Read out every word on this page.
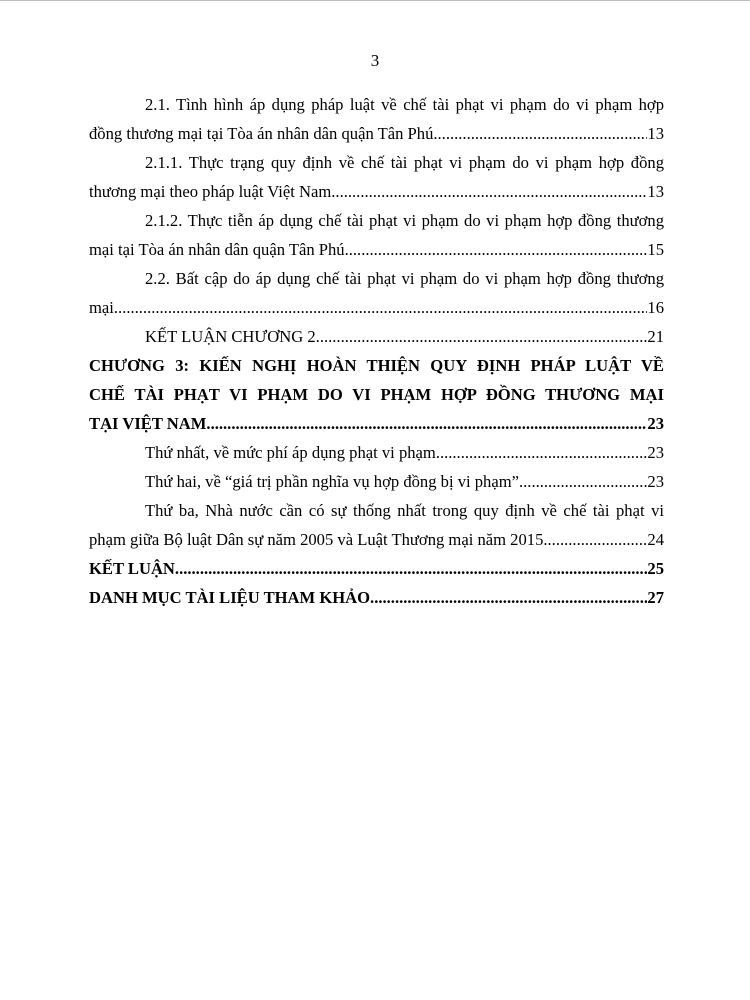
3
2.1. Tình hình áp dụng pháp luật về chế tài phạt vi phạm do vi phạm hợp
đồng thương mại tại Tòa án nhân dân quận Tân Phú .....	13
2.1.1. Thực trạng quy định về chế tài phạt vi phạm do vi phạm hợp đồng
thương mại theo pháp luật Việt Nam .....	13
2.1.2. Thực tiễn áp dụng chế tài phạt vi phạm do vi phạm hợp đồng thương
mại tại Tòa án nhân dân quận Tân Phú .....	15
2.2. Bất cập do áp dụng chế tài phạt vi phạm do vi phạm hợp đồng thương
mại .....	16
KẾT LUẬN CHƯƠNG 2 .....	21
CHƯƠNG 3: KIẾN NGHỊ HOÀN THIỆN QUY ĐỊNH PHÁP LUẬT VỀ
CHẾ TÀI PHẠT VI PHẠM DO VI PHẠM HỢP ĐỒNG THƯƠNG MẠI
TẠI VIỆT NAM .....	23
Thứ nhất, về mức phí áp dụng phạt vi phạm .....	23
Thứ hai, về “giá trị phần nghĩa vụ hợp đồng bị vi phạm” .....	23
Thứ ba, Nhà nước cần có sự thống nhất trong quy định về chế tài phạt vi
phạm giữa Bộ luật Dân sự năm 2005 và Luật Thương mại năm 2015 .....	24
KẾT LUẬN .....	25
DANH MỤC TÀI LIỆU THAM KHẢO .....	27
